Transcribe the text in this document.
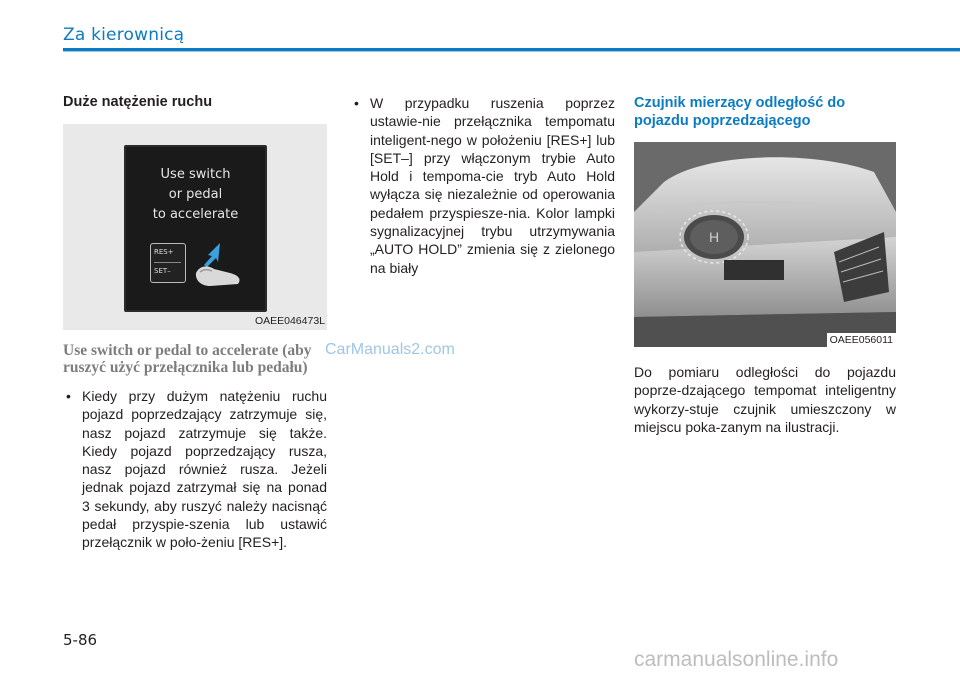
Za kierownicą
Duże natężenie ruchu
Use switch
or pedal
to accelerate
RES+
SET–
OAEE046473L

Use switch or pedal to accelerate (aby ruszyć użyć przełącznika lub pedału)

• Kiedy przy dużym natężeniu ruchu pojazd poprzedzający zatrzymuje się, nasz pojazd zatrzymuje się także. Kiedy pojazd poprzedzający rusza, nasz pojazd również rusza. Jeżeli jednak pojazd zatrzymał się na ponad 3 sekundy, aby ruszyć należy nacisnąć pedał przyspie-szenia lub ustawić przełącznik w poło-żeniu [RES+].

• W przypadku ruszenia poprzez ustawie-nie przełącznika tempomatu inteligent-nego w położeniu [RES+] lub [SET–] przy włączonym trybie Auto Hold i tempoma-cie tryb Auto Hold wyłącza się niezależnie od operowania pedałem przyspiesze-nia. Kolor lampki sygnalizacyjnej trybu utrzymywania „AUTO HOLD” zmienia się z zielonego na biały

Czujnik mierzący odległość do
pojazdu poprzedzającego
H
OAEE056011

Do pomiaru odległości do pojazdu poprze-dzającego tempomat inteligentny wykorzy-stuje czujnik umieszczony w miejscu poka-zanym na ilustracji.

CarManuals2.com
5-86
carmanualsonline.info
